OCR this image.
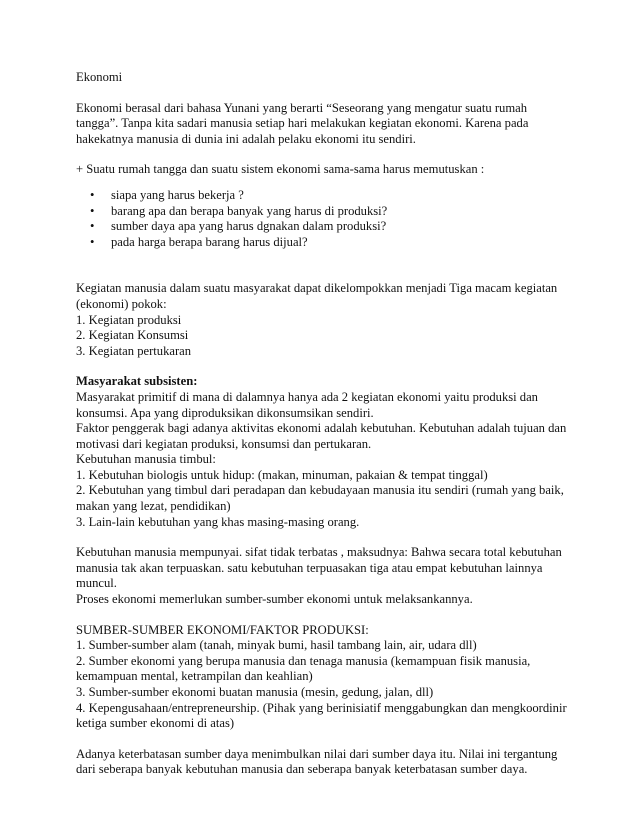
Ekonomi

Ekonomi berasal dari bahasa Yunani yang berarti “Seseorang yang mengatur suatu rumah tangga”. Tanpa kita sadari manusia setiap hari melakukan kegiatan ekonomi. Karena pada hakekatnya manusia di dunia ini adalah pelaku ekonomi itu sendiri.

+ Suatu rumah tangga dan suatu sistem ekonomi sama-sama harus memutuskan :

• siapa yang harus bekerja ?
• barang apa dan berapa banyak yang harus di produksi?
• sumber daya apa yang harus dgnakan dalam produksi?
• pada harga berapa barang harus dijual?

Kegiatan manusia dalam suatu masyarakat dapat dikelompokkan menjadi Tiga macam kegiatan (ekonomi) pokok:

1. Kegiatan produksi

2. Kegiatan Konsumsi

3. Kegiatan pertukaran

Masyarakat subsisten:

Masyarakat primitif di mana di dalamnya hanya ada 2 kegiatan ekonomi yaitu produksi dan konsumsi. Apa yang diproduksikan dikonsumsikan sendiri.

Faktor penggerak bagi adanya aktivitas ekonomi adalah kebutuhan. Kebutuhan adalah tujuan dan motivasi dari kegiatan produksi, konsumsi dan pertukaran.

Kebutuhan manusia timbul:

1. Kebutuhan biologis untuk hidup: (makan, minuman, pakaian & tempat tinggal)

2. Kebutuhan yang timbul dari peradapan dan kebudayaan manusia itu sendiri (rumah yang baik, makan yang lezat, pendidikan)

3. Lain-lain kebutuhan yang khas masing-masing orang.

Kebutuhan manusia mempunyai. sifat tidak terbatas , maksudnya: Bahwa secara total kebutuhan manusia tak akan terpuaskan. satu kebutuhan terpuasakan tiga atau empat kebutuhan lainnya muncul.

Proses ekonomi memerlukan sumber-sumber ekonomi untuk melaksankannya.

SUMBER-SUMBER EKONOMI/FAKTOR PRODUKSI:

1. Sumber-sumber alam (tanah, minyak bumi, hasil tambang lain, air, udara dll)

2. Sumber ekonomi yang berupa manusia dan tenaga manusia (kemampuan fisik manusia, kemampuan mental, ketrampilan dan keahlian)

3. Sumber-sumber ekonomi buatan manusia (mesin, gedung, jalan, dll)

4. Kepengusahaan/entrepreneurship. (Pihak yang berinisiatif menggabungkan dan mengkoordinir ketiga sumber ekonomi di atas)

Adanya keterbatasan sumber daya menimbulkan nilai dari sumber daya itu. Nilai ini tergantung dari seberapa banyak kebutuhan manusia dan seberapa banyak keterbatasan sumber daya.
